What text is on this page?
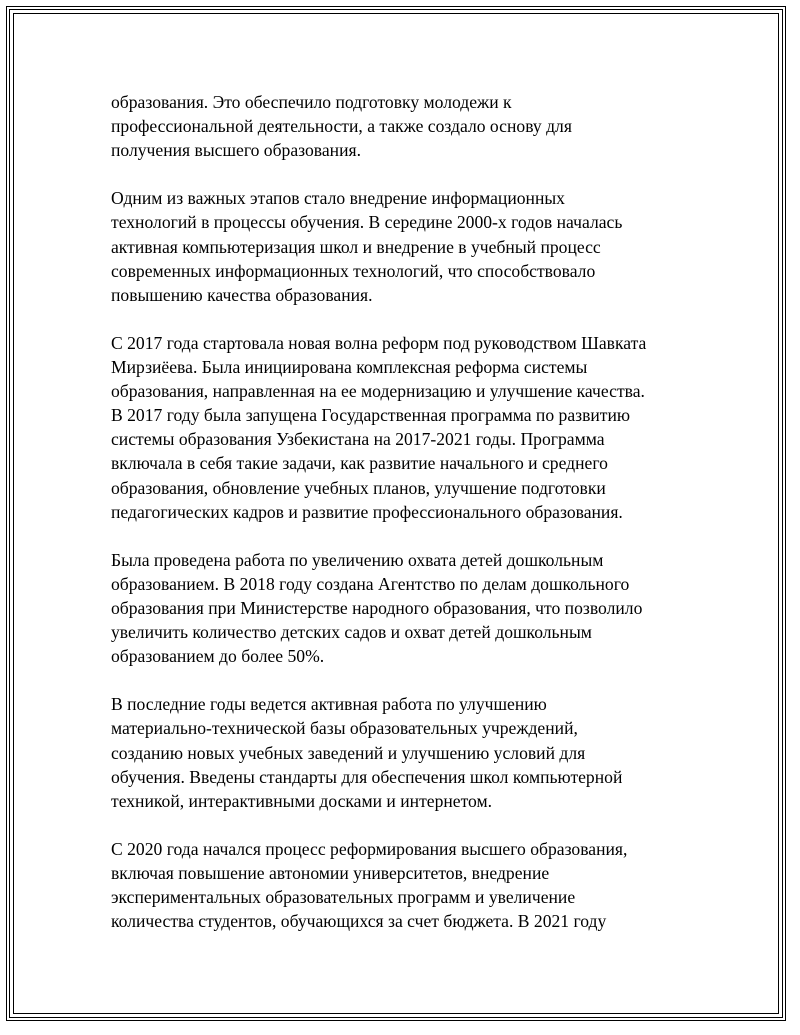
образования. Это обеспечило подготовку молодежи к
профессиональной деятельности, а также создало основу для
получения высшего образования.

Одним из важных этапов стало внедрение информационных
технологий в процессы обучения. В середине 2000-х годов началась
активная компьютеризация школ и внедрение в учебный процесс
современных информационных технологий, что способствовало
повышению качества образования.

С 2017 года стартовала новая волна реформ под руководством Шавката
Мирзиёева. Была инициирована комплексная реформа системы
образования, направленная на ее модернизацию и улучшение качества.
В 2017 году была запущена Государственная программа по развитию
системы образования Узбекистана на 2017-2021 годы. Программа
включала в себя такие задачи, как развитие начального и среднего
образования, обновление учебных планов, улучшение подготовки
педагогических кадров и развитие профессионального образования.

Была проведена работа по увеличению охвата детей дошкольным
образованием. В 2018 году создана Агентство по делам дошкольного
образования при Министерстве народного образования, что позволило
увеличить количество детских садов и охват детей дошкольным
образованием до более 50%.

В последние годы ведется активная работа по улучшению
материально-технической базы образовательных учреждений,
созданию новых учебных заведений и улучшению условий для
обучения. Введены стандарты для обеспечения школ компьютерной
техникой, интерактивными досками и интернетом.

С 2020 года начался процесс реформирования высшего образования,
включая повышение автономии университетов, внедрение
экспериментальных образовательных программ и увеличение
количества студентов, обучающихся за счет бюджета. В 2021 году
